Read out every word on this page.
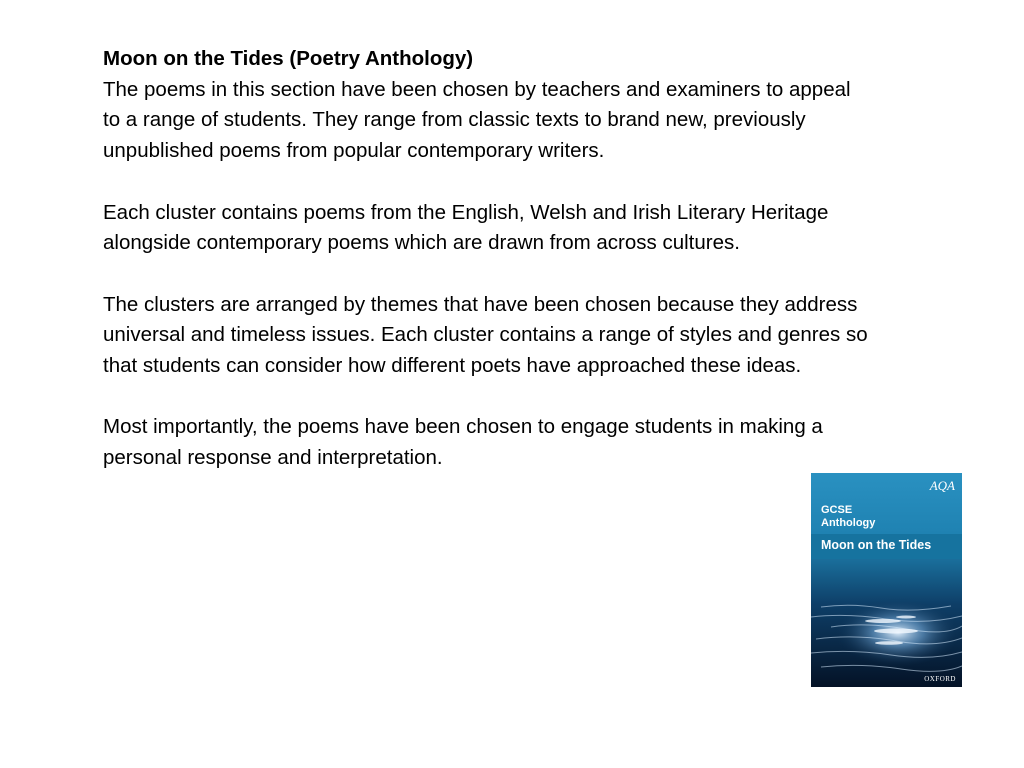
Moon on the Tides (Poetry Anthology)

The poems in this section have been chosen by teachers and examiners to appeal
to a range of students. They range from classic texts to brand new, previously
unpublished poems from popular contemporary writers.

Each cluster contains poems from the English, Welsh and Irish Literary Heritage
alongside contemporary poems which are drawn from across cultures.

The clusters are arranged by themes that have been chosen because they address
universal and timeless issues. Each cluster contains a range of styles and genres so
that students can consider how different poets have approached these ideas.

Most importantly, the poems have been chosen to engage students in making a
personal response and interpretation.

AQA
GCSE
Anthology
Moon on the Tides
OXFORD
